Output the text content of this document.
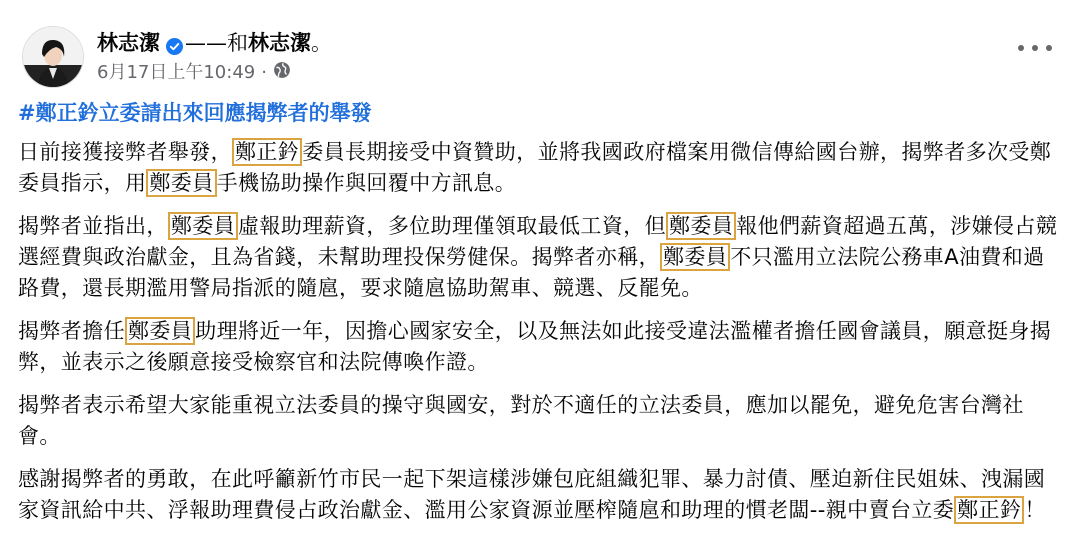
林志潔 ——和 林志潔 。
6月17日上午10:49 ·
#鄭正鈐立委請出來回應揭弊者的舉發

日前接獲接弊者舉發， 鄭正鈐 委員長期接受中資贊助，並將我國政府檔案用微信傳給國台辦，揭弊者多次受鄭委員指示，用 鄭委員 手機協助操作與回覆中方訊息。

揭弊者並指出， 鄭委員 虛報助理薪資，多位助理僅領取最低工資，但 鄭委員 報他們薪資超過五萬，涉嫌侵占競選經費與政治獻金，且為省錢，未幫助理投保勞健保。揭弊者亦稱， 鄭委員 不只濫用立法院公務車A油費和過路費，還長期濫用警局指派的隨扈，要求隨扈協助駕車、競選、反罷免。

揭弊者擔任 鄭委員 助理將近一年，因擔心國家安全，以及無法如此接受違法濫權者擔任國會議員，願意挺身揭弊，並表示之後願意接受檢察官和法院傳喚作證。

揭弊者表示希望大家能重視立法委員的操守與國安，對於不適任的立法委員，應加以罷免，避免危害台灣社會。

感謝揭弊者的勇敢，在此呼籲新竹市民一起下架這樣涉嫌包庇組織犯罪、暴力討債、壓迫新住民姐妹、洩漏國家資訊給中共、浮報助理費侵占政治獻金、濫用公家資源並壓榨隨扈和助理的慣老闆--親中賣台立委 鄭正鈐 ！
